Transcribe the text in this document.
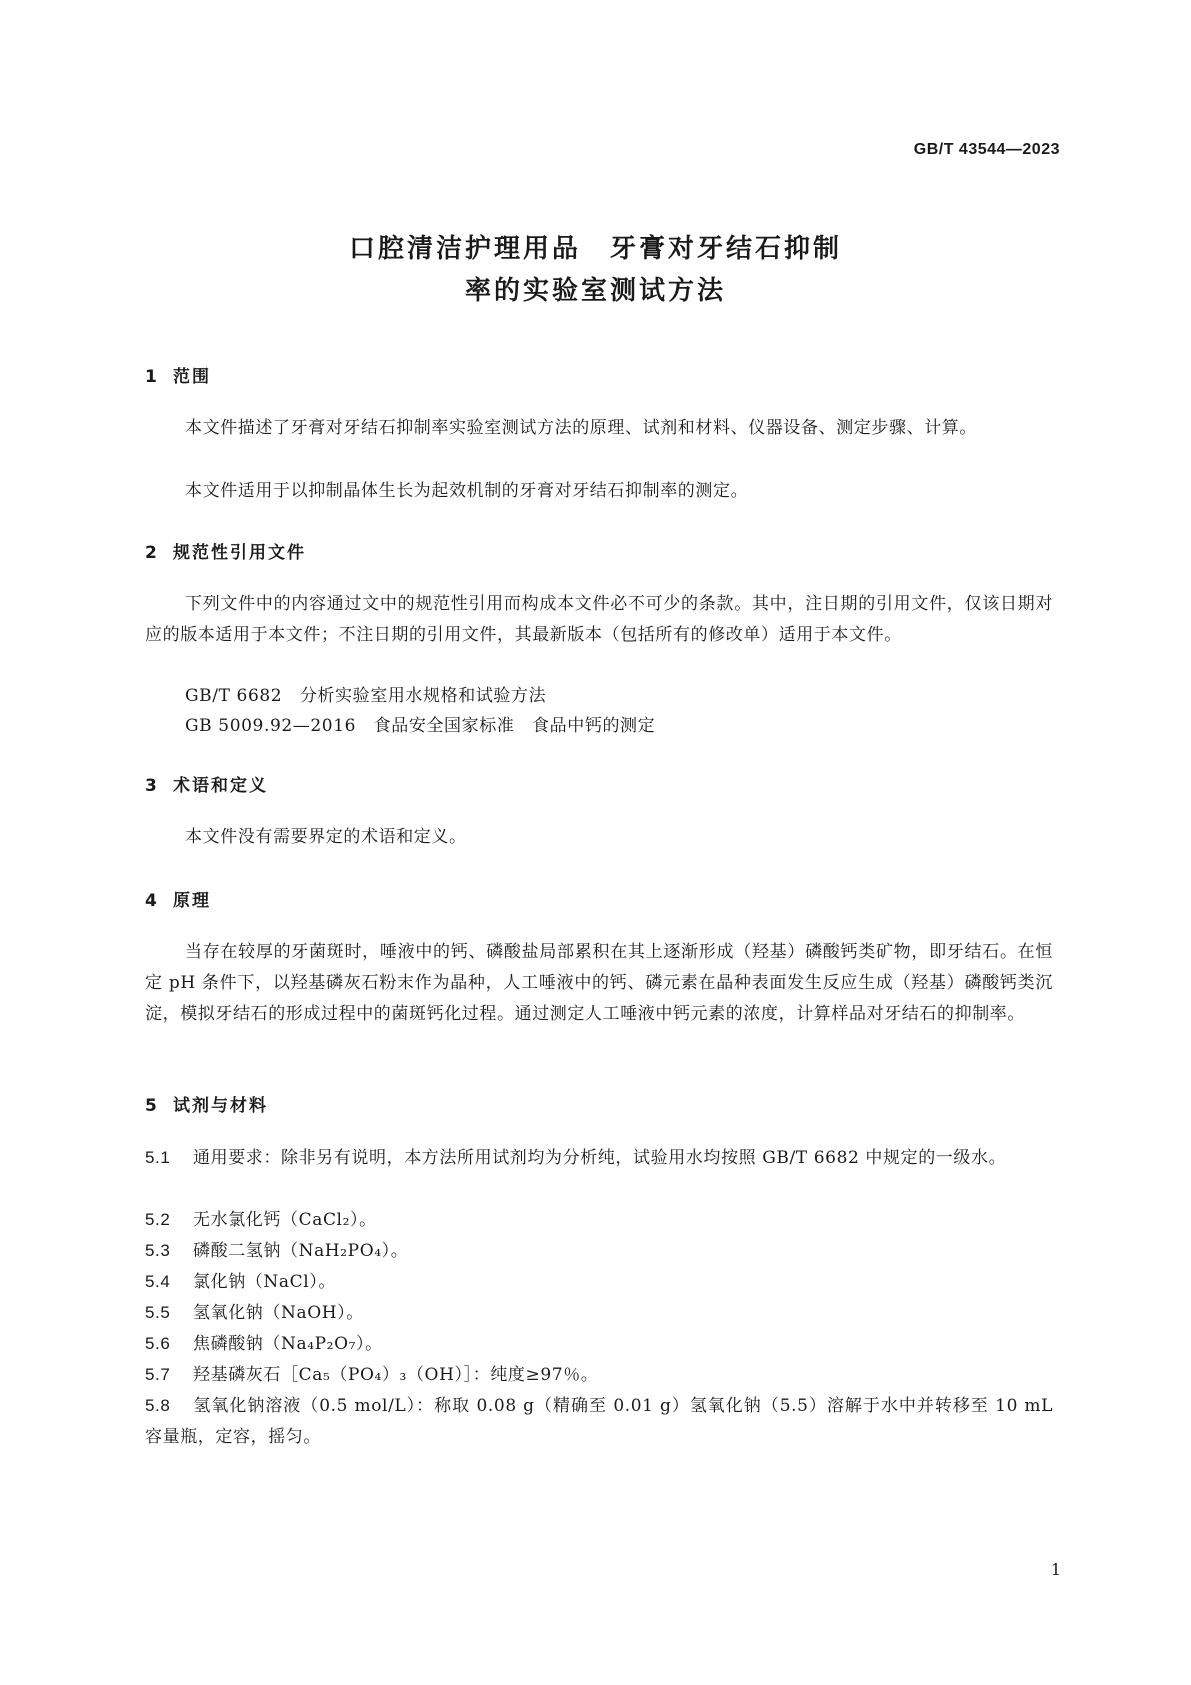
GB/T 43544—2023
口腔清洁护理用品　牙膏对牙结石抑制
率的实验室测试方法
1 范围
本文件描述了牙膏对牙结石抑制率实验室测试方法的原理、试剂和材料、仪器设备、测定步骤、计算。
本文件适用于以抑制晶体生长为起效机制的牙膏对牙结石抑制率的测定。
2 规范性引用文件
下列文件中的内容通过文中的规范性引用而构成本文件必不可少的条款。其中，注日期的引用文件，仅该日期对应的版本适用于本文件；不注日期的引用文件，其最新版本（包括所有的修改单）适用于本文件。
GB/T 6682　 分析实验室用水规格和试验方法
GB 5009.92—2016　 食品安全国家标准　食品中钙的测定
3 术语和定义
本文件没有需要界定的术语和定义。
4 原理
当存在较厚的牙菌斑时，唾液中的钙、磷酸盐局部累积在其上逐渐形成（羟基）磷酸钙类矿物，即牙结石。在恒定 pH 条件下，以羟基磷灰石粉末作为晶种，人工唾液中的钙、磷元素在晶种表面发生反应生成（羟基）磷酸钙类沉淀，模拟牙结石的形成过程中的菌斑钙化过程。通过测定人工唾液中钙元素的浓度，计算样品对牙结石的抑制率。
5 试剂与材料
5.1 通用要求：除非另有说明，本方法所用试剂均为分析纯，试验用水均按照 GB/T 6682 中规定的一级水。
5.2 无水氯化钙（CaCl₂）。
5.3 磷酸二氢钠（NaH₂PO₄）。
5.4 氯化钠（NaCl）。
5.5 氢氧化钠（NaOH）。
5.6 焦磷酸钠（Na₄P₂O₇）。
5.7 羟基磷灰石［Ca₅（PO₄）₃（OH）］：纯度≥97％。
5.8 氢氧化钠溶液（0.5 mol/L）：称取 0.08 g（精确至 0.01 g）氢氧化钠（5.5）溶解于水中并转移至 10 mL 容量瓶，定容，摇匀。
1
